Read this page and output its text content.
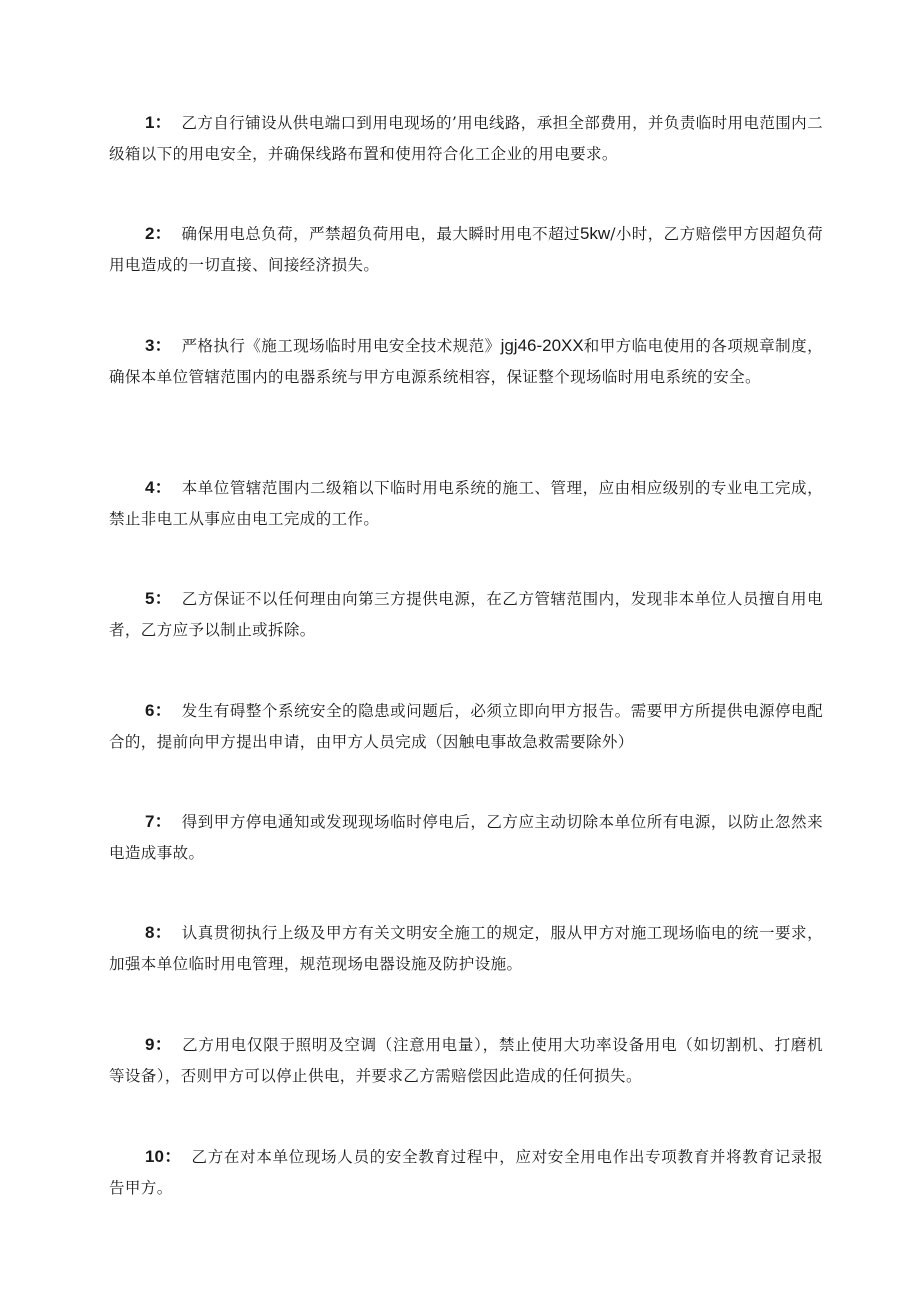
1： 乙方自行铺设从供电端口到用电现场的’用电线路，承担全部费用，并负责临时用电范围内二级箱以下的用电安全，并确保线路布置和使用符合化工企业的用电要求。

2： 确保用电总负荷，严禁超负荷用电，最大瞬时用电不超过5kw/小时，乙方赔偿甲方因超负荷用电造成的一切直接、间接经济损失。

3： 严格执行《施工现场临时用电安全技术规范》jgj46-20XX和甲方临电使用的各项规章制度，确保本单位管辖范围内的电器系统与甲方电源系统相容，保证整个现场临时用电系统的安全。

4： 本单位管辖范围内二级箱以下临时用电系统的施工、管理，应由相应级别的专业电工完成，禁止非电工从事应由电工完成的工作。

5： 乙方保证不以任何理由向第三方提供电源，在乙方管辖范围内，发现非本单位人员擅自用电者，乙方应予以制止或拆除。

6： 发生有碍整个系统安全的隐患或问题后，必须立即向甲方报告。需要甲方所提供电源停电配合的，提前向甲方提出申请，由甲方人员完成（因触电事故急救需要除外）

7： 得到甲方停电通知或发现现场临时停电后，乙方应主动切除本单位所有电源，以防止忽然来电造成事故。

8： 认真贯彻执行上级及甲方有关文明安全施工的规定，服从甲方对施工现场临电的统一要求，加强本单位临时用电管理，规范现场电器设施及防护设施。

9： 乙方用电仅限于照明及空调（注意用电量），禁止使用大功率设备用电（如切割机、打磨机等设备），否则甲方可以停止供电，并要求乙方需赔偿因此造成的任何损失。

10： 乙方在对本单位现场人员的安全教育过程中，应对安全用电作出专项教育并将教育记录报告甲方。
